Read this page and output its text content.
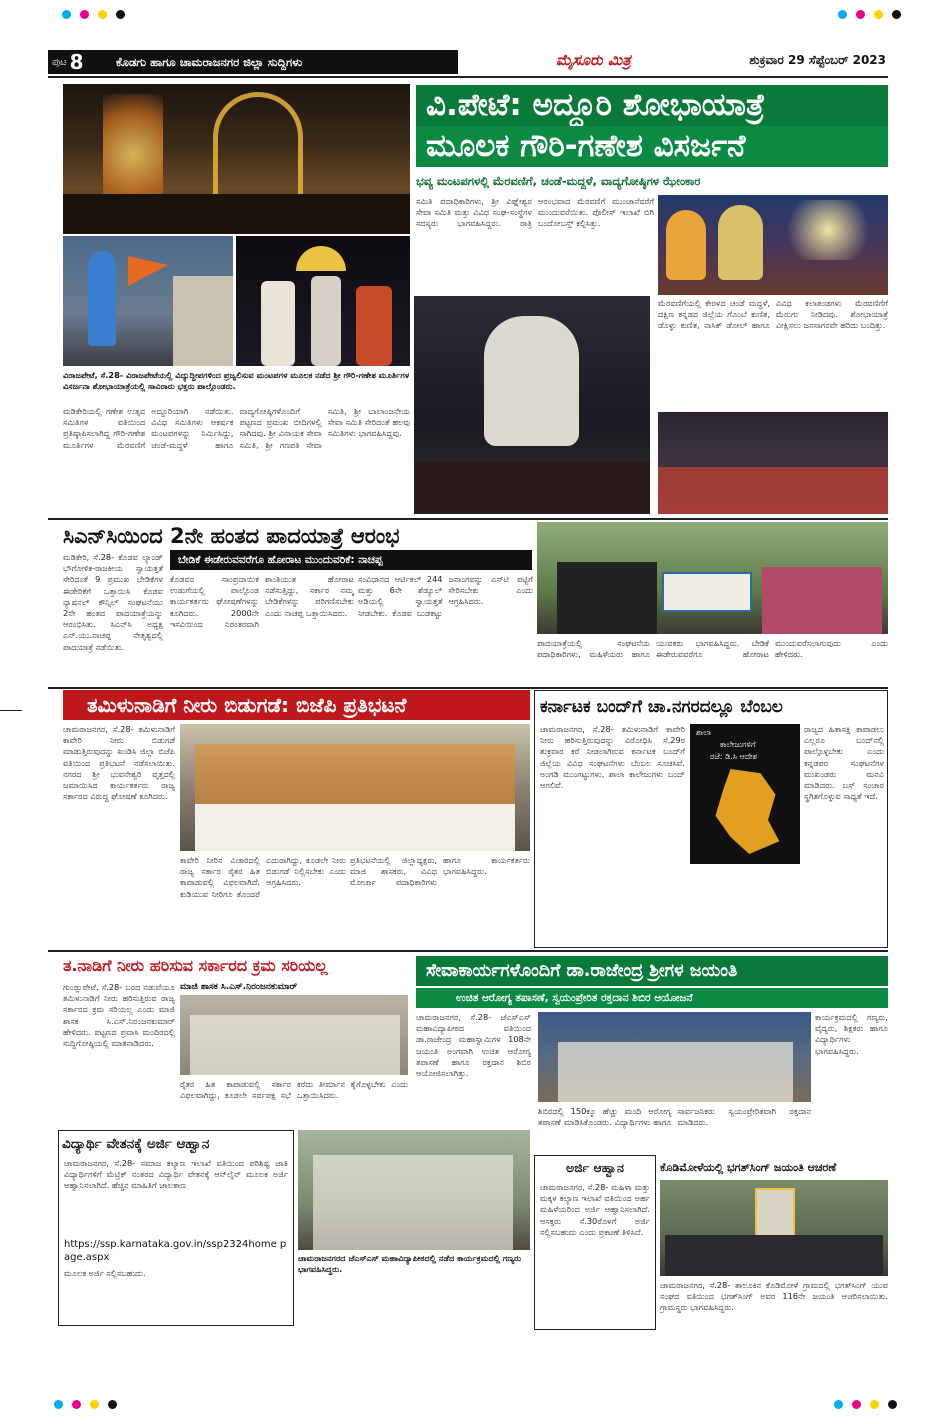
ಪುಟ 8	ಕೊಡಗು ಹಾಗೂ ಚಾಮರಾಜನಗರ ಜಿಲ್ಲಾ ಸುದ್ದಿಗಳು	ಮೈಸೂರು ಮಿತ್ರ	ಶುಕ್ರವಾರ 29 ಸೆಪ್ಟೆಂಬರ್ 2023
ವಿ.ಪೇಟೆ: ಅದ್ದೂರಿ ಶೋಭಾಯಾತ್ರೆ
ಮೂಲಕ ಗೌರಿ-ಗಣೇಶ ವಿಸರ್ಜನೆ
ಭವ್ಯ ಮಂಟಪಗಳಲ್ಲಿ ಮೆರವಣಿಗೆ, ಚಂಡೆ-ಮದ್ದಳೆ, ವಾದ್ಯಗೋಷ್ಠಿಗಳ ಝೇಂಕಾರ
ವಿರಾಜಪೇಟೆ, ಸೆ.28- ವಿರಾಜಪೇಟೆಯಲ್ಲಿ ವಿದ್ಯುದ್ದೀಪಗಳಿಂದ ಪ್ರಜ್ವಲಿಸುವ ಮಂಟಪಗಳ ಮೂಲಕ ನಡೆದ ಶ್ರೀ ಗೌರಿ-ಗಣೇಶ ಮೂರ್ತಿಗಳ ವಿಸರ್ಜನಾ ಶೋಭಾಯಾತ್ರೆಯಲ್ಲಿ ಸಾವಿರಾರು ಭಕ್ತರು ಪಾಲ್ಗೊಂಡರು.
ಮಡಿಕೇರಿಯಲ್ಲಿ ಗಣೇಶ ಉತ್ಸವ ಸಮಿತಿಗಳ ವತಿಯಿಂದ ಪ್ರತಿಷ್ಠಾಪಿಸಲಾಗಿದ್ದ ಗೌರಿ-ಗಣೇಶ ಮೂರ್ತಿಗಳ ಮೆರವಣಿಗೆ ಅದ್ದೂರಿಯಾಗಿ ನಡೆಯಿತು. ವಿವಿಧ ಸಮಿತಿಗಳು ಆಕರ್ಷಕ ಮಂಟಪಗಳನ್ನು ನಿರ್ಮಿಸಿದ್ದು, ಚಂಡೆ-ಮದ್ದಳೆ ಹಾಗೂ ವಾದ್ಯಗೋಷ್ಠಿಗಳೊಂದಿಗೆ ಪಟ್ಟಣದ ಪ್ರಮುಖ ಬೀದಿಗಳಲ್ಲಿ ಸಾಗಿದವು. ಶ್ರೀ ವಿನಾಯಕ ಸೇವಾ ಸಮಿತಿ, ಶ್ರೀ ಗಣಪತಿ ಸೇವಾ ಸಮಿತಿ, ಶ್ರೀ ಬಾಲಾಂಜನೇಯ ಸೇವಾ ಸಮಿತಿ ಸೇರಿದಂತೆ ಹಲವು ಸಮಿತಿಗಳು ಭಾಗವಹಿಸಿದ್ದವು.
ಸಮಿತಿ ಪದಾಧಿಕಾರಿಗಳು, ಶ್ರೀ ವಿಘ್ನೇಶ್ವರ ಸೇವಾ ಸಮಿತಿ ಮತ್ತು ವಿವಿಧ ಸಂಘ-ಸಂಸ್ಥೆಗಳ ಸದಸ್ಯರು ಭಾಗವಹಿಸಿದ್ದರು. ರಾತ್ರಿ ಆರಂಭವಾದ ಮೆರವಣಿಗೆ ಮುಂಜಾನೆವರೆಗೆ ಮುಂದುವರೆಯಿತು. ಪೊಲೀಸ್ ಇಲಾಖೆ ಬಿಗಿ ಬಂದೋಬಸ್ತ್ ಕಲ್ಪಿಸಿತ್ತು.
ಮೆರವಣಿಗೆಯಲ್ಲಿ ಕೇರಳದ ಚಂಡೆ ಮದ್ದಳೆ, ದಕ್ಷಿಣ ಕನ್ನಡದ ಜಿಲ್ಲೆಯ ಗೊಂಬೆ ಕುಣಿತ, ಡೊಳ್ಳು ಕುಣಿತ, ನಾಸಿಕ್ ಡೋಲ್ ಹಾಗೂ ವಿವಿಧ ಕಲಾತಂಡಗಳು ಮೆರವಣಿಗೆಗೆ ಮೆರುಗು ನೀಡಿದವು. ಶೋಭಾಯಾತ್ರೆ ವೀಕ್ಷಿಸಲು ಜನಸಾಗರವೇ ಹರಿದು ಬಂದಿತ್ತು.
ಸಿಎನ್‌ಸಿಯಿಂದ 2ನೇ ಹಂತದ ಪಾದಯಾತ್ರೆ ಆರಂಭ
ಬೇಡಿಕೆ ಈಡೇರುವವರೆಗೂ ಹೋರಾಟ ಮುಂದುವರಿಕೆ: ನಾಚಪ್ಪ
ಮಡಿಕೇರಿ, ಸೆ.28- ಕೊಡವ ಲ್ಯಾಂಡ್ ಭೌಗೋಳಿಕ-ರಾಜಕೀಯ ಸ್ವಾಯತ್ತತೆ ಸೇರಿದಂತೆ 9 ಪ್ರಮುಖ ಬೇಡಿಕೆಗಳ ಈಡೇರಿಕೆಗೆ ಒತ್ತಾಯಿಸಿ ಕೊಡವ ನ್ಯಾಷನಲ್ ಕೌನ್ಸಿಲ್ ಸಂಘಟನೆಯು 2ನೇ ಹಂತದ ಪಾದಯಾತ್ರೆಯನ್ನು ಆರಂಭಿಸಿತು. ಸಿಎನ್‌ಸಿ ಅಧ್ಯಕ್ಷ ಎನ್.ಯು.ನಾಚಪ್ಪ ನೇತೃತ್ವದಲ್ಲಿ ಪಾದಯಾತ್ರೆ ನಡೆಯಿತು.
ಕೊಡವರ ಸಾಂಪ್ರದಾಯಿಕ ಉಡುಗೆಯಲ್ಲಿ ಪಾಲ್ಗೊಂಡ ಕಾರ್ಯಕರ್ತರು ಘೋಷಣೆಗಳನ್ನು ಕೂಗಿದರು. 2000ನೇ ಇಸವಿಯಿಂದ ನಿರಂತರವಾಗಿ ಶಾಂತಿಯುತ ಹೋರಾಟ ನಡೆಸುತ್ತಿದ್ದು, ಸರ್ಕಾರ ನಮ್ಮ ಬೇಡಿಕೆಗಳನ್ನು ಪರಿಗಣಿಸಬೇಕು ಎಂದು ನಾಚಪ್ಪ ಒತ್ತಾಯಿಸಿದರು.
ಸಂವಿಧಾನದ ಆರ್ಟಿಕಲ್ 244 ಮತ್ತು 6ನೇ ಶೆಡ್ಯೂಲ್ ಅಡಿಯಲ್ಲಿ ಸ್ವಾಯತ್ತತೆ ನೀಡಬೇಕು. ಕೊಡವ ಬುಡಕಟ್ಟು ಜನಾಂಗವನ್ನು ಎಸ್‌ಟಿ ಪಟ್ಟಿಗೆ ಸೇರಿಸಬೇಕು ಎಂದು ಆಗ್ರಹಿಸಿದರು.
ಪಾದಯಾತ್ರೆಯಲ್ಲಿ ಸಂಘಟನೆಯ ಪದಾಧಿಕಾರಿಗಳು, ಮಹಿಳೆಯರು ಹಾಗೂ ಯುವಕರು ಭಾಗವಹಿಸಿದ್ದರು. ಬೇಡಿಕೆ ಈಡೇರುವವರೆಗೂ ಹೋರಾಟ ಮುಂದುವರೆಸಲಾಗುವುದು ಎಂದು ಹೇಳಿದರು.
ತಮಿಳುನಾಡಿಗೆ ನೀರು ಬಿಡುಗಡೆ: ಬಿಜೆಪಿ ಪ್ರತಿಭಟನೆ
ಚಾಮರಾಜನಗರ, ಸೆ.28- ತಮಿಳುನಾಡಿಗೆ ಕಾವೇರಿ ನೀರು ಬಿಡುಗಡೆ ಮಾಡುತ್ತಿರುವುದನ್ನು ಖಂಡಿಸಿ ಜಿಲ್ಲಾ ಬಿಜೆಪಿ ವತಿಯಿಂದ ಪ್ರತಿಭಟನೆ ನಡೆಸಲಾಯಿತು. ನಗರದ ಶ್ರೀ ಭುವನೇಶ್ವರಿ ವೃತ್ತದಲ್ಲಿ ಜಮಾಯಿಸಿದ ಕಾರ್ಯಕರ್ತರು ರಾಜ್ಯ ಸರ್ಕಾರದ ವಿರುದ್ಧ ಘೋಷಣೆ ಕೂಗಿದರು.
ಕಾವೇರಿ ನೀರಿನ ವಿಚಾರದಲ್ಲಿ ರಾಜ್ಯ ಸರ್ಕಾರ ರೈತರ ಹಿತ ಕಾಪಾಡುವಲ್ಲಿ ವಿಫಲವಾಗಿದೆ. ಕುಡಿಯುವ ನೀರಿಗೂ ತೊಂದರೆ ಎದುರಾಗಿದ್ದು, ಕೂಡಲೇ ನೀರು ಬಿಡುಗಡೆ ನಿಲ್ಲಿಸಬೇಕು ಎಂದು ಆಗ್ರಹಿಸಿದರು.
ಪ್ರತಿಭಟನೆಯಲ್ಲಿ ಜಿಲ್ಲಾಧ್ಯಕ್ಷರು, ಮಾಜಿ ಶಾಸಕರು, ವಿವಿಧ ಮೋರ್ಚಾ ಪದಾಧಿಕಾರಿಗಳು ಹಾಗೂ ಕಾರ್ಯಕರ್ತರು ಭಾಗವಹಿಸಿದ್ದರು.
ಕರ್ನಾಟಕ ಬಂದ್‌ಗೆ ಚಾ.ನಗರದಲ್ಲೂ ಬೆಂಬಲ
ಚಾಮರಾಜನಗರ, ಸೆ.28- ತಮಿಳುನಾಡಿಗೆ ಕಾವೇರಿ ನೀರು ಹರಿಸುತ್ತಿರುವುದನ್ನು ವಿರೋಧಿಸಿ ಸೆ.29ರ ಶುಕ್ರವಾರ ಕರೆ ನೀಡಲಾಗಿರುವ ಕರ್ನಾಟಕ ಬಂದ್‌ಗೆ ಜಿಲ್ಲೆಯ ವಿವಿಧ ಸಂಘಟನೆಗಳು ಬೆಂಬಲ ಸೂಚಿಸಿವೆ. ಅಂಗಡಿ ಮುಂಗಟ್ಟುಗಳು, ಶಾಲಾ ಕಾಲೇಜುಗಳು ಬಂದ್ ಆಗಲಿವೆ.
ಶಾಲಾ
ಕಾಲೇಜುಗಳಿಗೆ
ರಜೆ: ಡಿ.ಸಿ ಆದೇಶ
ರಾಜ್ಯದ ಹಿತಾಸಕ್ತಿ ಕಾಪಾಡಲು ಎಲ್ಲರೂ ಬಂದ್‌ನಲ್ಲಿ ಪಾಲ್ಗೊಳ್ಳಬೇಕು ಎಂದು ಕನ್ನಡಪರ ಸಂಘಟನೆಗಳ ಮುಖಂಡರು ಮನವಿ ಮಾಡಿದರು. ಬಸ್ ಸಂಚಾರ ಸ್ಥಗಿತಗೊಳ್ಳುವ ಸಾಧ್ಯತೆ ಇದೆ.
ತ.ನಾಡಿಗೆ ನೀರು ಹರಿಸುವ ಸರ್ಕಾರದ ಕ್ರಮ ಸರಿಯಲ್ಲ
ಮಾಜಿ ಶಾಸಕ ಸಿ.ಎಸ್.ನಿರಂಜನಕುಮಾರ್
ಗುಂಡ್ಲುಪೇಟೆ, ಸೆ.28- ಬರದ ನಡುವೆಯೂ ತಮಿಳುನಾಡಿಗೆ ನೀರು ಹರಿಸುತ್ತಿರುವ ರಾಜ್ಯ ಸರ್ಕಾರದ ಕ್ರಮ ಸರಿಯಲ್ಲ ಎಂದು ಮಾಜಿ ಶಾಸಕ ಸಿ.ಎಸ್.ನಿರಂಜನಕುಮಾರ್ ಹೇಳಿದರು. ಪಟ್ಟಣದ ಪ್ರವಾಸಿ ಮಂದಿರದಲ್ಲಿ ಸುದ್ದಿಗೋಷ್ಠಿಯಲ್ಲಿ ಮಾತನಾಡಿದರು.
ರೈತರ ಹಿತ ಕಾಪಾಡುವಲ್ಲಿ ಸರ್ಕಾರ ವಿಫಲವಾಗಿದ್ದು, ಕೂಡಲೇ ಸರ್ವಪಕ್ಷ ಸಭೆ ಕರೆದು ತೀರ್ಮಾನ ಕೈಗೊಳ್ಳಬೇಕು ಎಂದು ಒತ್ತಾಯಿಸಿದರು.
ವಿದ್ಯಾರ್ಥಿ ವೇತನಕ್ಕೆ ಅರ್ಜಿ ಆಹ್ವಾನ
ಚಾಮರಾಜನಗರ, ಸೆ.28- ಸಮಾಜ ಕಲ್ಯಾಣ ಇಲಾಖೆ ವತಿಯಿಂದ ಪರಿಶಿಷ್ಟ ಜಾತಿ ವಿದ್ಯಾರ್ಥಿಗಳಿಗೆ ಮೆಟ್ರಿಕ್ ನಂತರದ ವಿದ್ಯಾರ್ಥಿ ವೇತನಕ್ಕೆ ಆನ್‌ಲೈನ್ ಮೂಲಕ ಅರ್ಜಿ ಆಹ್ವಾನಿಸಲಾಗಿದೆ. ಹೆಚ್ಚಿನ ಮಾಹಿತಿಗೆ ಜಾಲತಾಣ
https://ssp.karnataka.gov.in/ssp2324home page.aspx
ಮೂಲಕ ಅರ್ಜಿ ಸಲ್ಲಿಸಬಹುದು.
ಚಾಮರಾಜನಗರದ ಜೆಎಸ್‌ಎಸ್ ಮಹಾವಿದ್ಯಾಪೀಠದಲ್ಲಿ ನಡೆದ ಕಾರ್ಯಕ್ರಮದಲ್ಲಿ ಗಣ್ಯರು ಭಾಗವಹಿಸಿದ್ದರು.
ಸೇವಾಕಾರ್ಯಗಳೊಂದಿಗೆ ಡಾ.ರಾಜೇಂದ್ರ ಶ್ರೀಗಳ ಜಯಂತಿ
ಉಚಿತ ಆರೋಗ್ಯ ತಪಾಸಣೆ, ಸ್ವಯಂಪ್ರೇರಿತ ರಕ್ತದಾನ ಶಿಬಿರ ಆಯೋಜನೆ
ಚಾಮರಾಜನಗರ, ಸೆ.28- ಜೆಎಸ್‌ಎಸ್ ಮಹಾವಿದ್ಯಾಪೀಠದ ವತಿಯಿಂದ ಡಾ.ರಾಜೇಂದ್ರ ಮಹಾಸ್ವಾಮಿಗಳ 108ನೇ ಜಯಂತಿ ಅಂಗವಾಗಿ ಉಚಿತ ಆರೋಗ್ಯ ತಪಾಸಣೆ ಹಾಗೂ ರಕ್ತದಾನ ಶಿಬಿರ ಆಯೋಜಿಸಲಾಗಿತ್ತು.
ಶಿಬಿರದಲ್ಲಿ 150ಕ್ಕೂ ಹೆಚ್ಚು ಮಂದಿ ಆರೋಗ್ಯ ತಪಾಸಣೆ ಮಾಡಿಸಿಕೊಂಡರು. ವಿದ್ಯಾರ್ಥಿಗಳು ಹಾಗೂ ಸಾರ್ವಜನಿಕರು ಸ್ವಯಂಪ್ರೇರಿತವಾಗಿ ರಕ್ತದಾನ ಮಾಡಿದರು.
ಕಾರ್ಯಕ್ರಮದಲ್ಲಿ ಗಣ್ಯರು, ವೈದ್ಯರು, ಶಿಕ್ಷಕರು ಹಾಗೂ ವಿದ್ಯಾರ್ಥಿಗಳು ಭಾಗವಹಿಸಿದ್ದರು.
ಅರ್ಜಿ ಆಹ್ವಾನ
ಚಾಮರಾಜನಗರ, ಸೆ.28- ಮಹಿಳಾ ಮತ್ತು ಮಕ್ಕಳ ಕಲ್ಯಾಣ ಇಲಾಖೆ ವತಿಯಿಂದ ಅರ್ಹ ಮಹಿಳೆಯರಿಂದ ಅರ್ಜಿ ಆಹ್ವಾನಿಸಲಾಗಿದೆ. ಆಸಕ್ತರು ಸೆ.30ರೊಳಗೆ ಅರ್ಜಿ ಸಲ್ಲಿಸಬಹುದು ಎಂದು ಪ್ರಕಟಣೆ ತಿಳಿಸಿದೆ.
ಕೊಡಿಮೋಳೆಯಲ್ಲಿ ಭಗತ್‌ಸಿಂಗ್ ಜಯಂತಿ ಆಚರಣೆ
ಚಾಮರಾಜನಗರ, ಸೆ.28- ತಾಲೂಕಿನ ಕೊಡಿಮೋಳೆ ಗ್ರಾಮದಲ್ಲಿ ಭಗತ್‌ಸಿಂಗ್ ಯುವ ಸಂಘದ ವತಿಯಿಂದ ಭಗತ್‌ಸಿಂಗ್ ಅವರ 116ನೇ ಜಯಂತಿ ಆಚರಿಸಲಾಯಿತು. ಗ್ರಾಮಸ್ಥರು ಭಾಗವಹಿಸಿದ್ದರು.
